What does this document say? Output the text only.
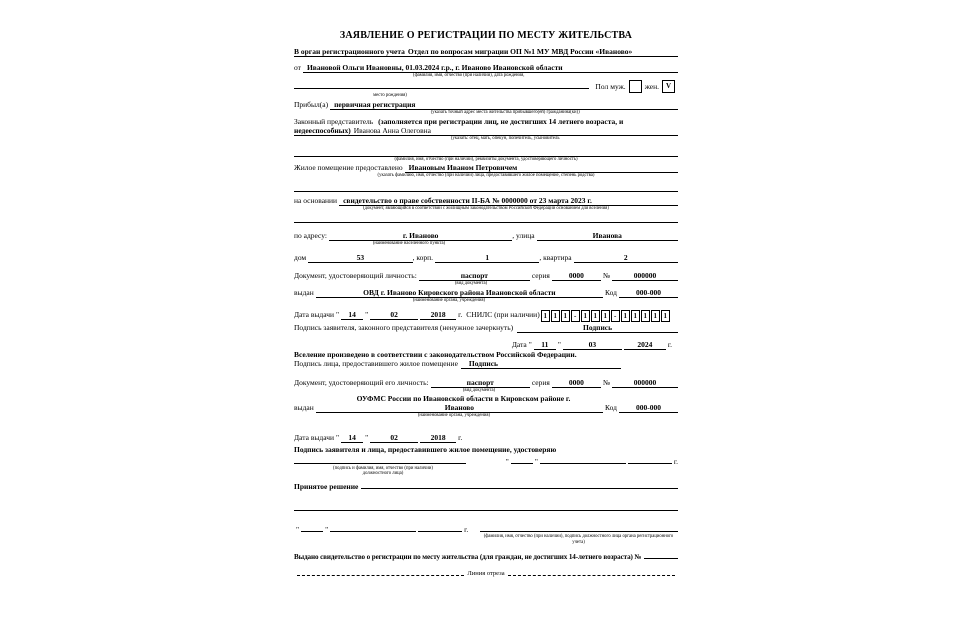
ЗАЯВЛЕНИЕ О РЕГИСТРАЦИИ ПО МЕСТУ ЖИТЕЛЬСТВА
В орган регистрационного учета Отдел по вопросам миграции ОП №1 МУ МВД России «Иваново»
от Ивановой Ольги Ивановны, 01.03.2024 г.р., г. Иваново Ивановской области
(фамилия, имя, отчество (при наличии), дата рождения,
Пол муж.	жен. V
место рождения)
Прибыл(а) первичная регистрация
(указать точный адрес места жительства прибывшего(ей) гражданина(ки))
Законный представитель (заполняется при регистрации лиц, не достигших 14 летнего возраста, и
недееспособных) Иванова Анна Олеговна
(указать: отец, мать, опекун, попечитель, усыновитель
(фамилия, имя, отчество (при наличии), реквизиты документа, удостоверяющего личность)
Жилое помещение предоставлено Ивановым Иваном Петровичем
(указать фамилию, имя, отчество (при наличии) лица, предоставившего жилое помещение, степень родства)
на основании свидетельство о праве собственности II-БА № 0000000 от 23 марта 2023 г.
(документ, являющийся в соответствии с жилищным законодательством Российской Федерации основанием для вселения)
по адресу:	г. Иваново	, улица	Иванова
(наименование населенного пункта)
дом	53	, корп.	1	, квартира	2
Документ, удостоверяющий личность:	паспорт	серия	0000	№	000000
(вид документа)
выдан	ОВД г. Иваново Кировского района Ивановской области	Код	000-000
(наименование органа, учреждения)
Дата выдачи "	14	"	02	2018	г. СНИЛС (при наличии) 1 1 1	-	1 1 1	-	1 1 1 1 1
Подпись заявителя, законного представителя (ненужное зачеркнуть)	Подпись
Дата "	11	"	03	2024	г.
Вселение произведено в соответствии с законодательством Российской Федерации.
Подпись лица, предоставившего жилое помещение	Подпись
Документ, удостоверяющий его личность:	паспорт	серия	0000	№	000000
(вид документа)
ОУФМС России по Ивановской области в Кировском районе г.
выдан	Иваново	Код	000-000
(наименование органа, учреждения)
Дата выдачи "	14	"	02	2018	г.
Подпись заявителя и лица, предоставившего жилое помещение, удостоверяю
"	"	г.
(подпись и фамилия, имя, отчество (при наличии)
должностного лица)
Принятое решение
"	"	г.
(фамилия, имя, отчество (при наличии), подпись должностного лица органа регистрационного учета)
Выдано свидетельство о регистрации по месту жительства (для граждан, не достигших 14-летнего возраста) №
Линия отреза
